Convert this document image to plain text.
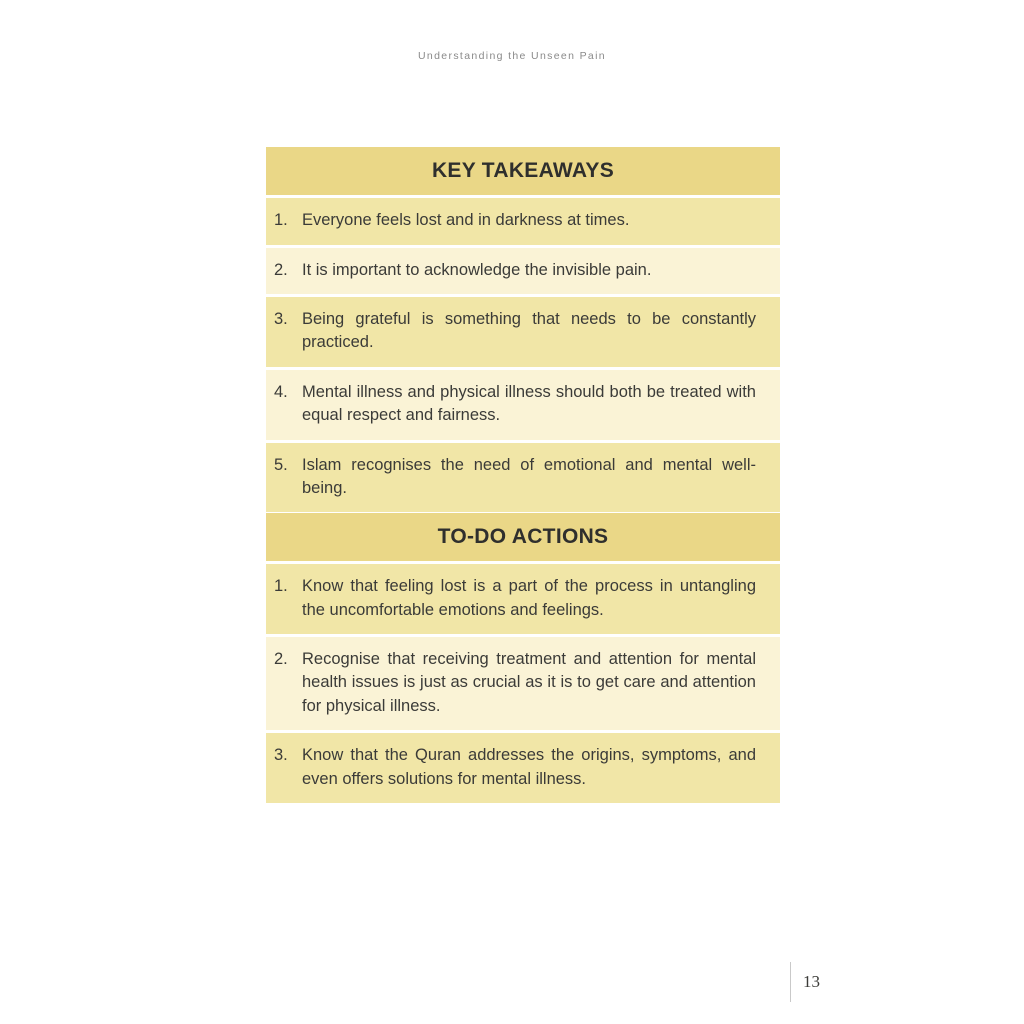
Understanding the Unseen Pain
KEY TAKEAWAYS
1. Everyone feels lost and in darkness at times.
2. It is important to acknowledge the invisible pain.
3. Being grateful is something that needs to be constantly practiced.
4. Mental illness and physical illness should both be treated with equal respect and fairness.
5. Islam recognises the need of emotional and mental well-being.
TO-DO ACTIONS
1. Know that feeling lost is a part of the process in untangling the uncomfortable emotions and feelings.
2. Recognise that receiving treatment and attention for mental health issues is just as crucial as it is to get care and attention for physical illness.
3. Know that the Quran addresses the origins, symptoms, and even offers solutions for mental illness.
13
